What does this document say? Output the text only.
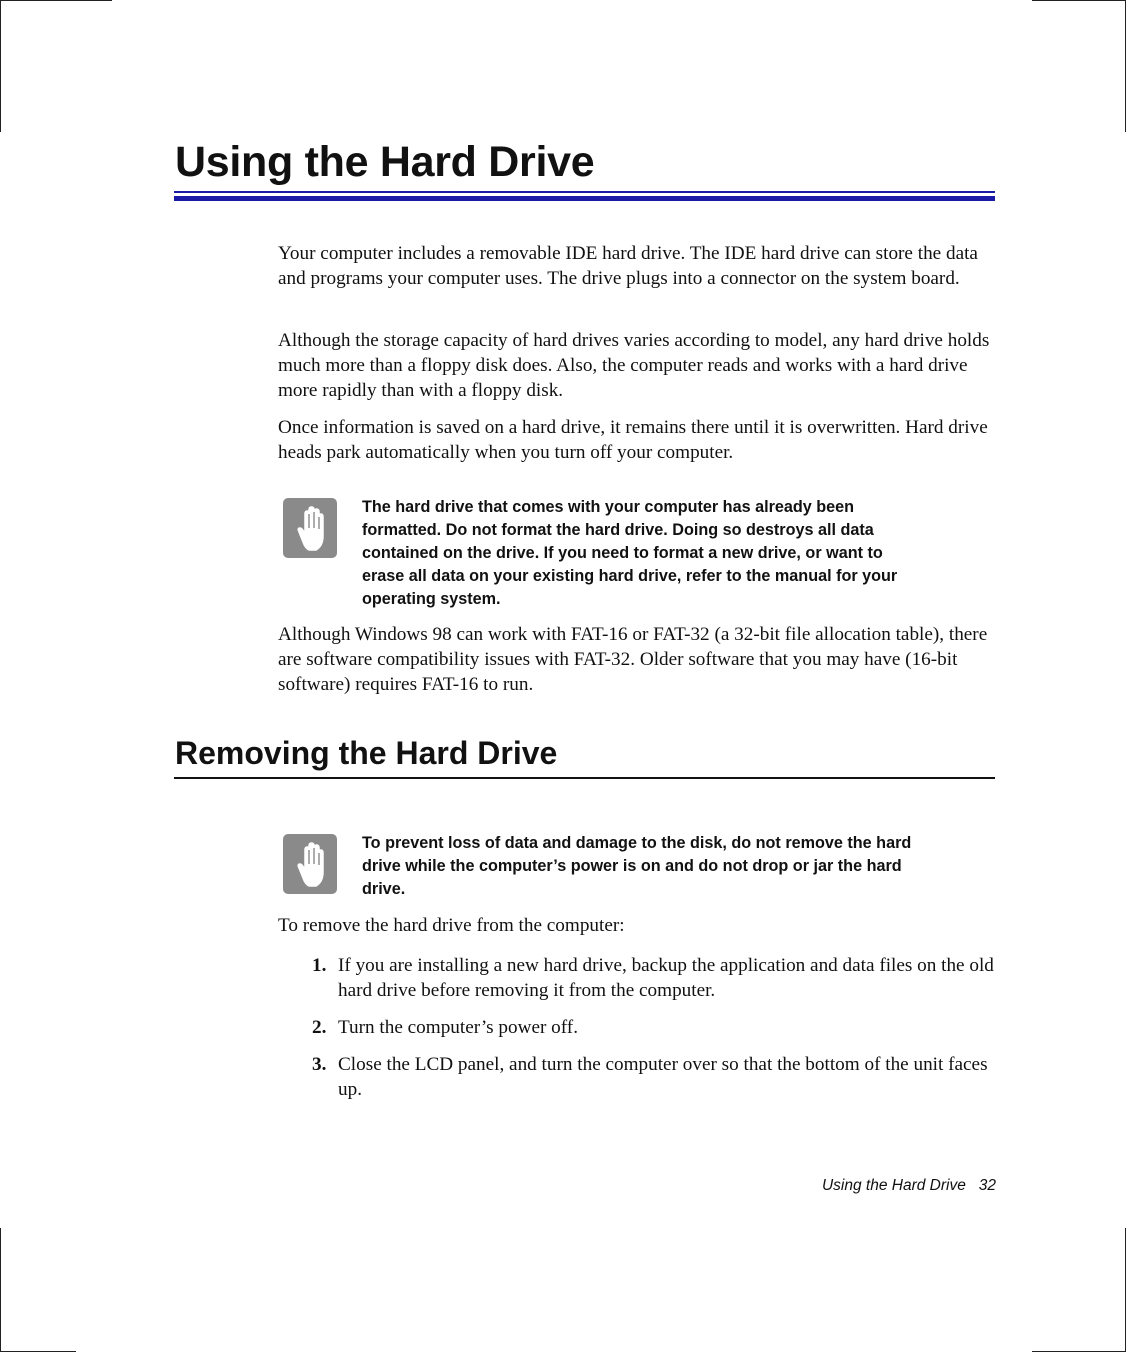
Using the Hard Drive

Your computer includes a removable IDE hard drive. The IDE hard drive can store the data and programs your computer uses. The drive plugs into a connector on the system board.

Although the storage capacity of hard drives varies according to model, any hard drive holds much more than a floppy disk does. Also, the computer reads and works with a hard drive more rapidly than with a floppy disk.

Once information is saved on a hard drive, it remains there until it is overwritten. Hard drive heads park automatically when you turn off your computer.

The hard drive that comes with your computer has already been formatted. Do not format the hard drive. Doing so destroys all data contained on the drive. If you need to format a new drive, or want to erase all data on your existing hard drive, refer to the manual for your operating system.

Although Windows 98 can work with FAT-16 or FAT-32 (a 32-bit file allocation table), there are software compatibility issues with FAT-32. Older software that you may have (16-bit software) requires FAT-16 to run.

Removing the Hard Drive

To prevent loss of data and damage to the disk, do not remove the hard drive while the computer’s power is on and do not drop or jar the hard drive.

To remove the hard drive from the computer:

1. If you are installing a new hard drive, backup the application and data files on the old hard drive before removing it from the computer.
2. Turn the computer’s power off.
3. Close the LCD panel, and turn the computer over so that the bottom of the unit faces up.
Using the Hard Drive 32
